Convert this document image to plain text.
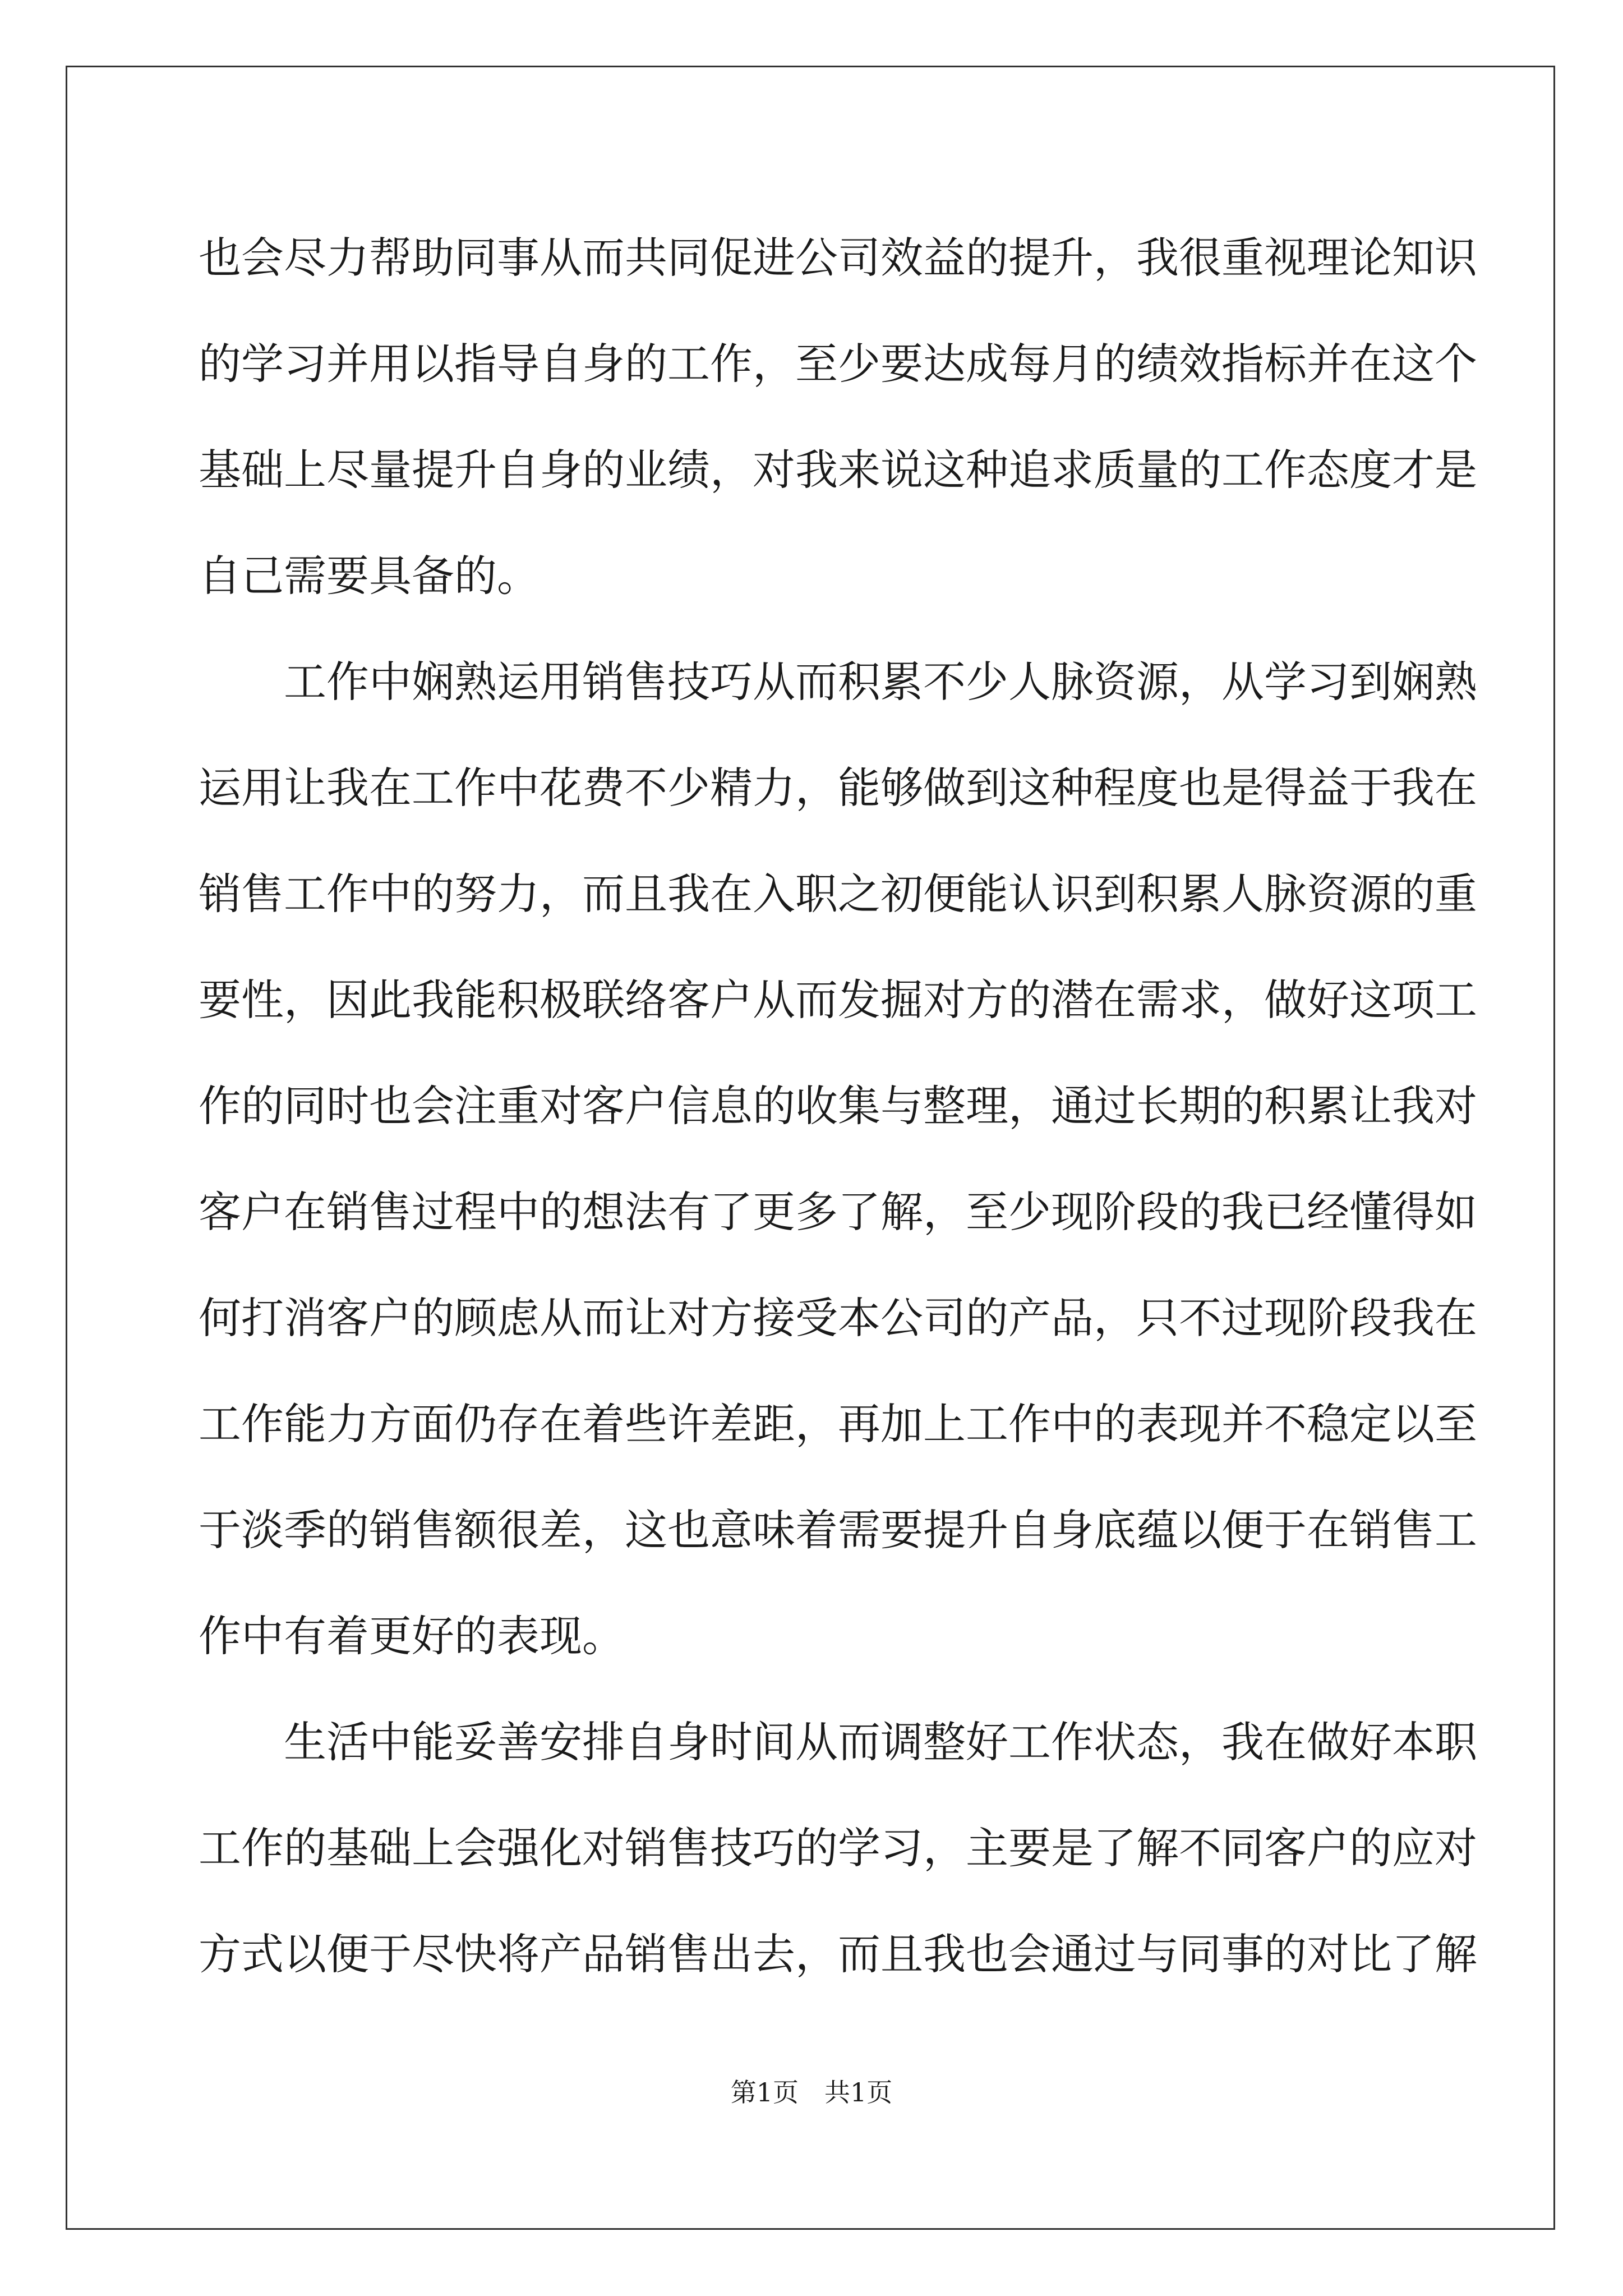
也会尽力帮助同事从而共同促进公司效益的提升，我很重视理论知识
的学习并用以指导自身的工作，至少要达成每月的绩效指标并在这个
基础上尽量提升自身的业绩，对我来说这种追求质量的工作态度才是
自己需要具备的。
工作中娴熟运用销售技巧从而积累不少人脉资源，从学习到娴熟
运用让我在工作中花费不少精力，能够做到这种程度也是得益于我在
销售工作中的努力，而且我在入职之初便能认识到积累人脉资源的重
要性，因此我能积极联络客户从而发掘对方的潜在需求，做好这项工
作的同时也会注重对客户信息的收集与整理，通过长期的积累让我对
客户在销售过程中的想法有了更多了解，至少现阶段的我已经懂得如
何打消客户的顾虑从而让对方接受本公司的产品，只不过现阶段我在
工作能力方面仍存在着些许差距，再加上工作中的表现并不稳定以至
于淡季的销售额很差，这也意味着需要提升自身底蕴以便于在销售工
作中有着更好的表现。
生活中能妥善安排自身时间从而调整好工作状态，我在做好本职
工作的基础上会强化对销售技巧的学习，主要是了解不同客户的应对
方式以便于尽快将产品销售出去，而且我也会通过与同事的对比了解
第1页 共1页
